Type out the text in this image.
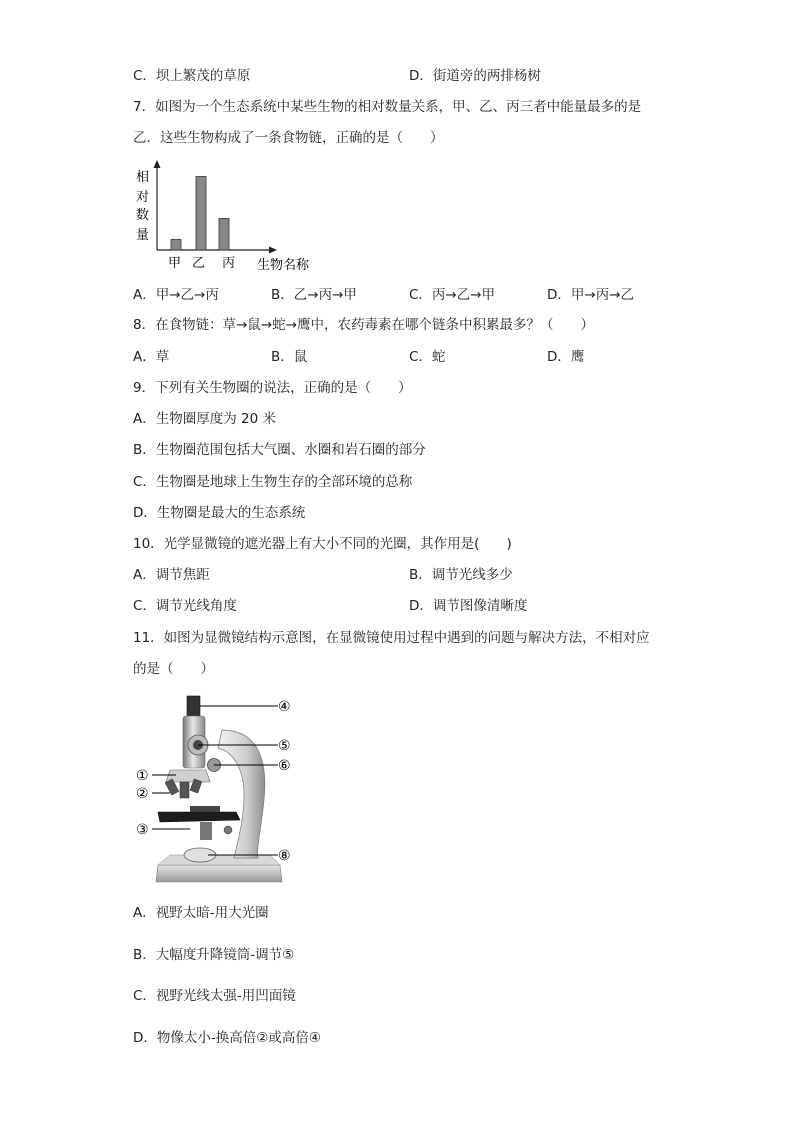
C．坝上繁茂的草原	D．街道旁的两排杨树
7．如图为一个生态系统中某些生物的相对数量关系，甲、乙、丙三者中能量最多的是
乙．这些生物构成了一条食物链，正确的是（　　）
相
对
数
量
甲 乙 丙 生物名称
A．甲→乙→丙	B．乙→丙→甲	C．丙→乙→甲	D．甲→丙→乙
8．在食物链：草→鼠→蛇→鹰中，农药毒素在哪个链条中积累最多？（　　）
A．草	B．鼠	C．蛇	D．鹰
9．下列有关生物圈的说法，正确的是（　　）
A．生物圈厚度为 20 米
B．生物圈范围包括大气圈、水圈和岩石圈的部分
C．生物圈是地球上生物生存的全部环境的总称
D．生物圈是最大的生态系统
10．光学显微镜的遮光器上有大小不同的光圈，其作用是(　　)
A．调节焦距	B．调节光线多少
C．调节光线角度	D．调节图像清晰度
11．如图为显微镜结构示意图，在显微镜使用过程中遇到的问题与解决方法，不相对应
的是（　　）
④
⑤
⑥
①
②
③
⑧
A．视野太暗-用大光圈
B．大幅度升降镜筒-调节⑤
C．视野光线太强-用凹面镜
D．物像太小-换高倍②或高倍④
